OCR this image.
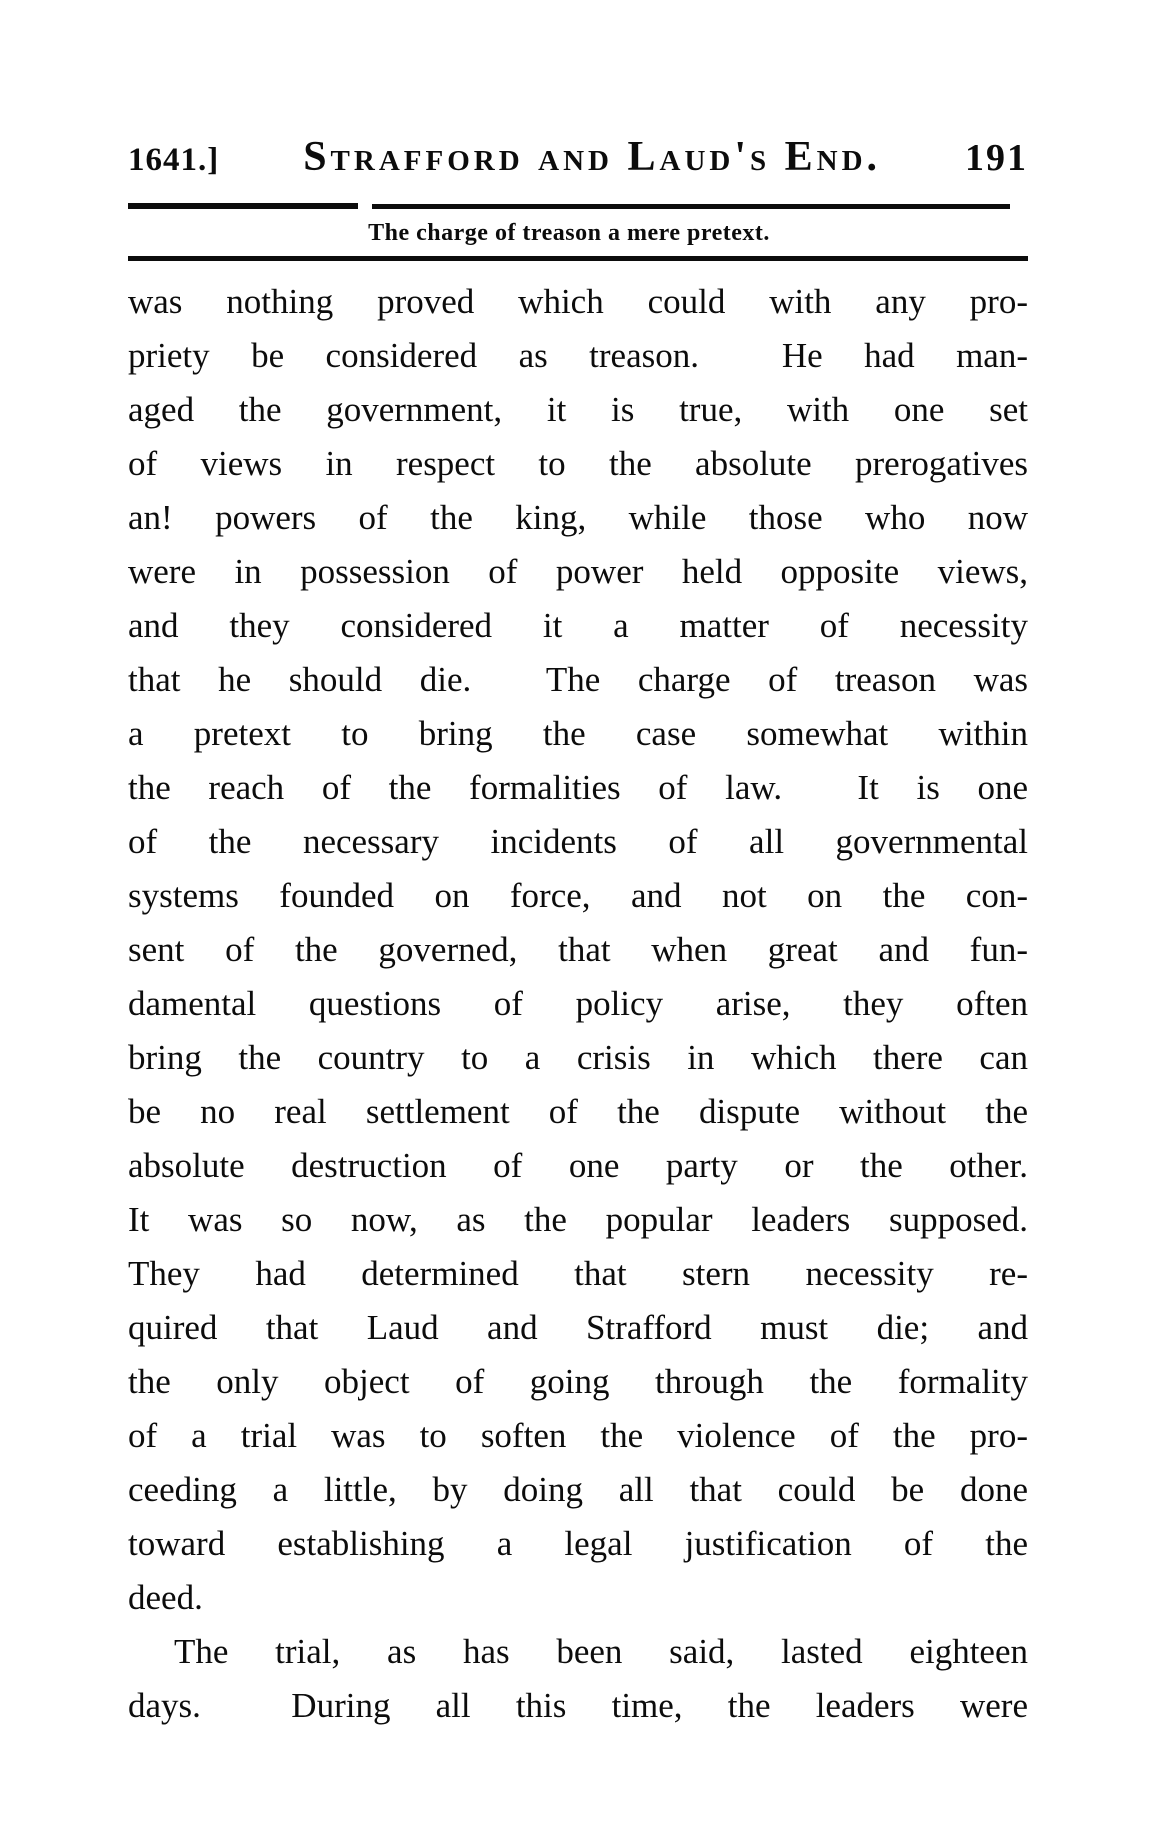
1641.] Strafford and Laud's End. 191
The charge of treason a mere pretext.
was nothing proved which could with any pro-
priety be considered as treason.  He had man-
aged the government, it is true, with one set
of views in respect to the absolute prerogatives
an! powers of the king, while those who now
were in possession of power held opposite views,
and they considered it a matter of necessity
that he should die.  The charge of treason was
a pretext to bring the case somewhat within
the reach of the formalities of law.  It is one
of the necessary incidents of all governmental
systems founded on force, and not on the con-
sent of the governed, that when great and fun-
damental questions of policy arise, they often
bring the country to a crisis in which there can
be no real settlement of the dispute without the
absolute destruction of one party or the other.
It was so now, as the popular leaders supposed.
They had determined that stern necessity re-
quired that Laud and Strafford must die; and
the only object of going through the formality
of a trial was to soften the violence of the pro-
ceeding a little, by doing all that could be done
toward establishing a legal justification of the
deed.
The trial, as has been said, lasted eighteen
days.  During all this time, the leaders were
